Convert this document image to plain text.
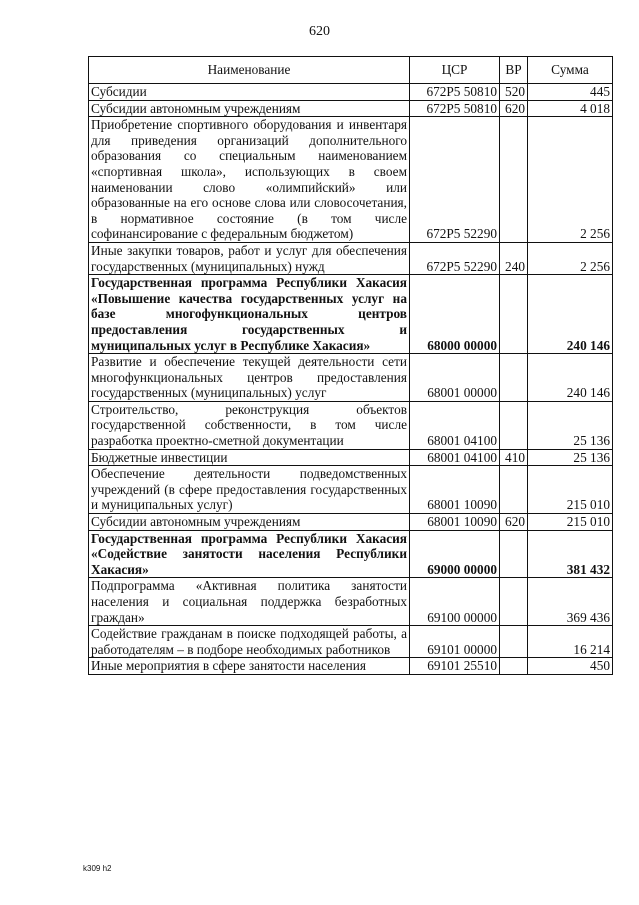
620
Наименование	ЦСР	ВР	Сумма
Субсидии	672P5 50810	520	445
Субсидии автономным учреждениям	672P5 50810	620	4 018
Приобретение спортивного оборудования и инвентаря для приведения организаций дополнительного образования со специальным наименованием «спортивная школа», использующих в своем наименовании слово «олимпийский» или образованные на его основе слова или словосочетания, в нормативное состояние (в том числе софинансирование с федеральным бюджетом)	672P5 52290		2 256
Иные закупки товаров, работ и услуг для обеспечения государственных (муниципальных) нужд	672P5 52290	240	2 256
Государственная программа Республики Хакасия «Повышение качества государственных услуг на базе многофункциональных центров предоставления государственных и муниципальных услуг в Республике Хакасия»	68000 00000		240 146
Развитие и обеспечение текущей деятельности сети многофункциональных центров предоставления государственных (муниципальных) услуг	68001 00000		240 146
Строительство, реконструкция объектов государственной собственности, в том числе разработка проектно-сметной документации	68001 04100		25 136
Бюджетные инвестиции	68001 04100	410	25 136
Обеспечение деятельности подведомственных учреждений (в сфере предоставления государственных и муниципальных услуг)	68001 10090		215 010
Субсидии автономным учреждениям	68001 10090	620	215 010
Государственная программа Республики Хакасия «Содействие занятости населения Республики Хакасия»	69000 00000		381 432
Подпрограмма «Активная политика занятости населения и социальная поддержка безработных граждан»	69100 00000		369 436
Содействие гражданам в поиске подходящей работы, а работодателям – в подборе необходимых работников	69101 00000		16 214
Иные мероприятия в сфере занятости населения	69101 25510		450
k309 h2
